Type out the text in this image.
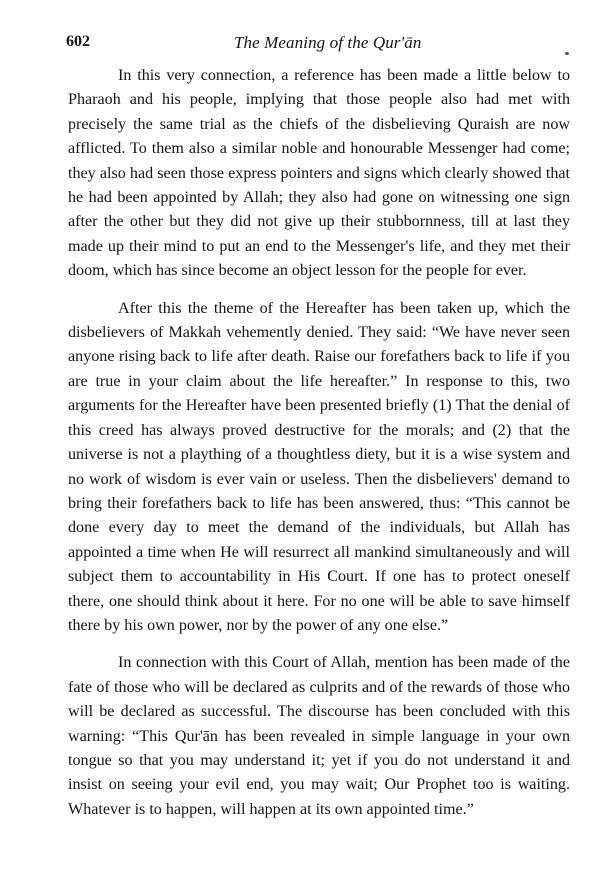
602	The Meaning of the Qur'ān

In this very connection, a reference has been made a little below to Pharaoh and his people, implying that those people also had met with precisely the same trial as the chiefs of the disbelieving Quraish are now afflicted. To them also a similar noble and honourable Messenger had come; they also had seen those express pointers and signs which clearly showed that he had been appointed by Allah; they also had gone on witnessing one sign after the other but they did not give up their stubbornness, till at last they made up their mind to put an end to the Messenger's life, and they met their doom, which has since become an object lesson for the people for ever.

After this the theme of the Hereafter has been taken up, which the disbelievers of Makkah vehemently denied. They said: “We have never seen anyone rising back to life after death. Raise our forefathers back to life if you are true in your claim about the life hereafter.” In response to this, two arguments for the Hereafter have been presented briefly (1) That the denial of this creed has always proved destructive for the morals; and (2) that the universe is not a plaything of a thoughtless diety, but it is a wise system and no work of wisdom is ever vain or useless. Then the disbelievers' demand to bring their forefathers back to life has been answered, thus: “This cannot be done every day to meet the demand of the individuals, but Allah has appointed a time when He will resurrect all mankind simultaneously and will subject them to accountability in His Court. If one has to protect oneself there, one should think about it here. For no one will be able to save himself there by his own power, nor by the power of any one else.”

In connection with this Court of Allah, mention has been made of the fate of those who will be declared as culprits and of the rewards of those who will be declared as successful. The discourse has been concluded with this warning: “This Qur'ān has been revealed in simple language in your own tongue so that you may understand it; yet if you do not understand it and insist on seeing your evil end, you may wait; Our Prophet too is waiting. Whatever is to happen, will happen at its own appointed time.”
